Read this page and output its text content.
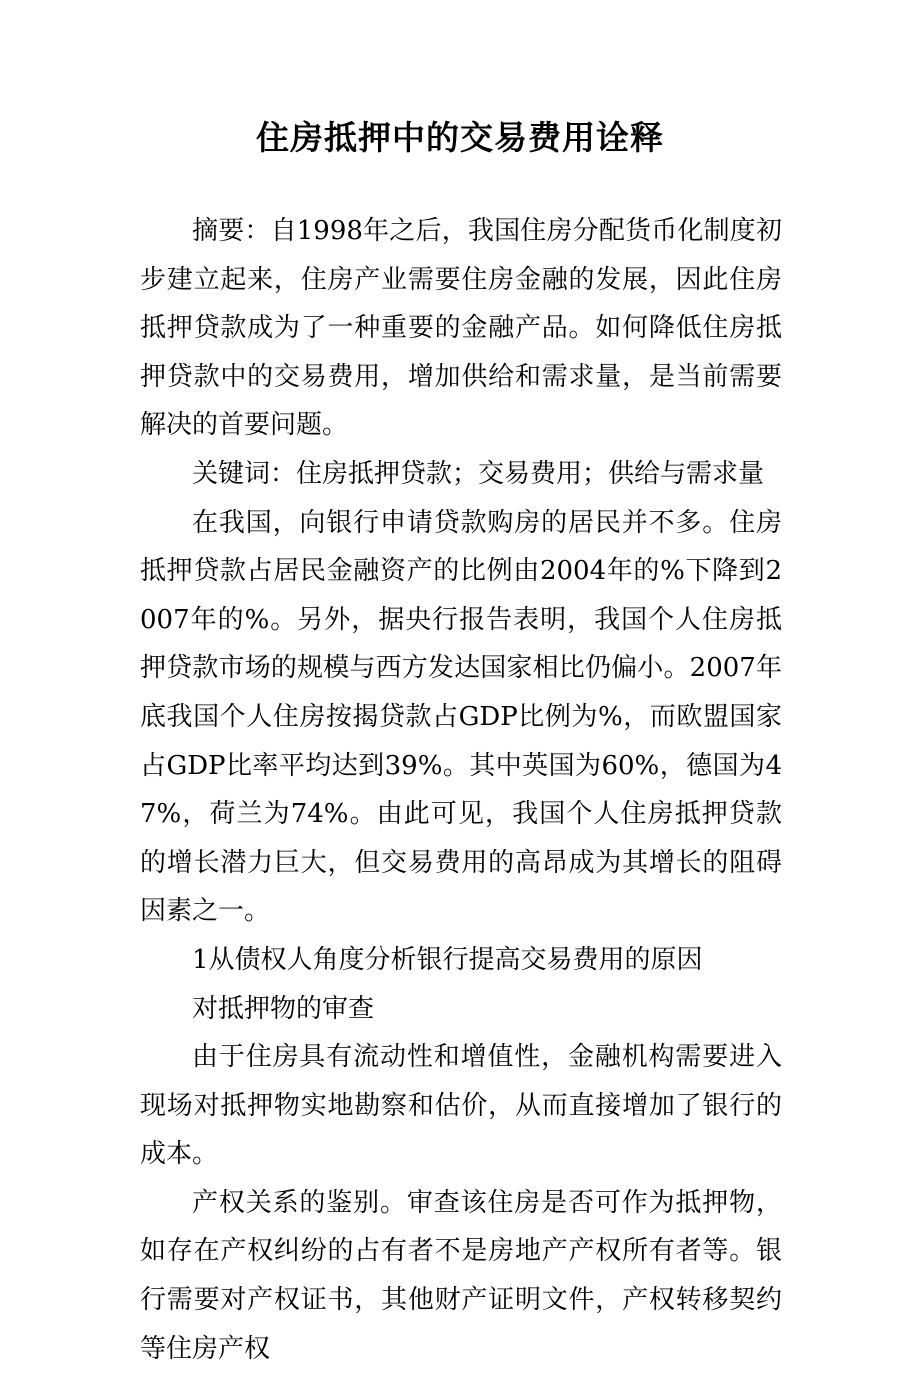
住房抵押中的交易费用诠释

摘要：自1998年之后，我国住房分配货币化制度初步建立起来，住房产业需要住房金融的发展，因此住房抵押贷款成为了一种重要的金融产品。如何降低住房抵押贷款中的交易费用，增加供给和需求量，是当前需要解决的首要问题。

关键词：住房抵押贷款；交易费用；供给与需求量

在我国，向银行申请贷款购房的居民并不多。住房抵押贷款占居民金融资产的比例由2004年的%下降到2007年的%。另外，据央行报告表明，我国个人住房抵押贷款市场的规模与西方发达国家相比仍偏小。2007年底我国个人住房按揭贷款占GDP比例为%，而欧盟国家占GDP比率平均达到39%。其中英国为60%，德国为47%，荷兰为74%。由此可见，我国个人住房抵押贷款的增长潜力巨大，但交易费用的高昂成为其增长的阻碍因素之一。

1从债权人角度分析银行提高交易费用的原因

对抵押物的审查

由于住房具有流动性和增值性，金融机构需要进入现场对抵押物实地勘察和估价，从而直接增加了银行的成本。

产权关系的鉴别。审查该住房是否可作为抵押物，如存在产权纠纷的占有者不是房地产产权所有者等。银行需要对产权证书，其他财产证明文件，产权转移契约等住房产权
